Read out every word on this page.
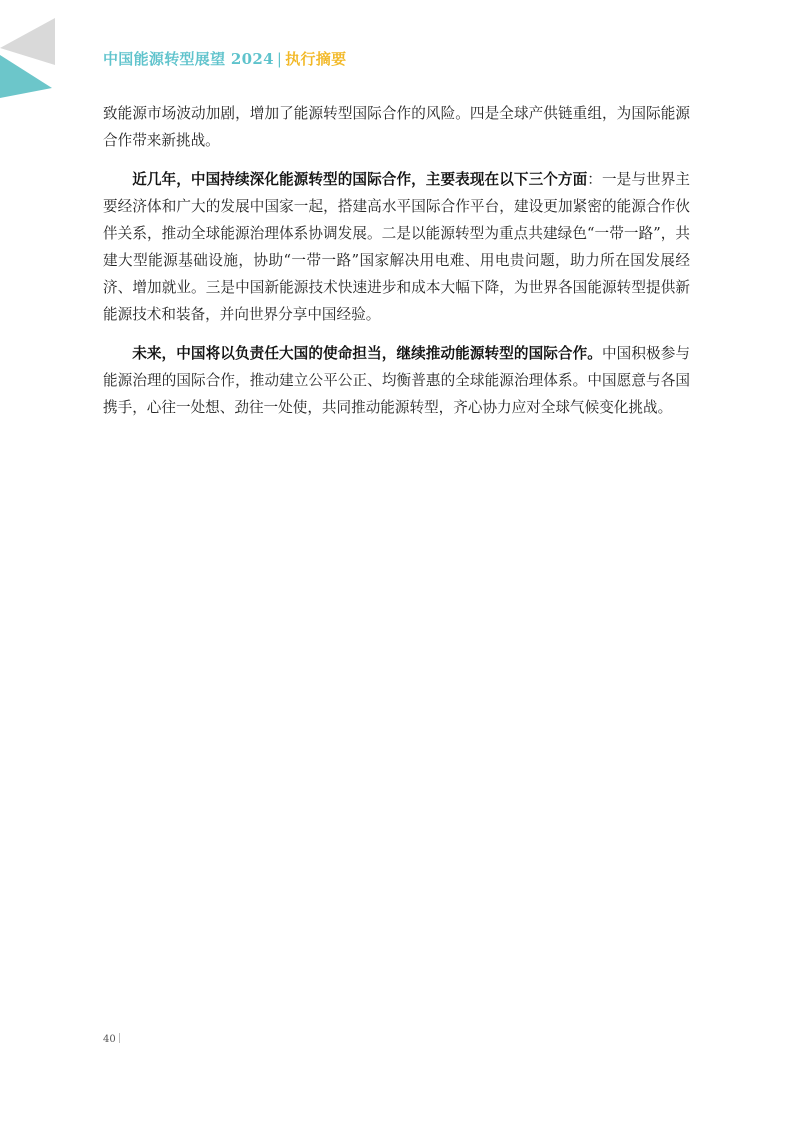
中国能源转型展望 2024 | 执行摘要

致能源市场波动加剧，增加了能源转型国际合作的风险。四是全球产供链重组，为国际能源合作带来新挑战。

近几年，中国持续深化能源转型的国际合作，主要表现在以下三个方面：一是与世界主要经济体和广大的发展中国家一起，搭建高水平国际合作平台，建设更加紧密的能源合作伙伴关系，推动全球能源治理体系协调发展。二是以能源转型为重点共建绿色“一带一路”，共建大型能源基础设施，协助“一带一路”国家解决用电难、用电贵问题，助力所在国发展经济、增加就业。三是中国新能源技术快速进步和成本大幅下降，为世界各国能源转型提供新能源技术和装备，并向世界分享中国经验。

未来，中国将以负责任大国的使命担当，继续推动能源转型的国际合作。中国积极参与能源治理的国际合作，推动建立公平公正、均衡普惠的全球能源治理体系。中国愿意与各国携手，心往一处想、劲往一处使，共同推动能源转型，齐心协力应对全球气候变化挑战。

40
